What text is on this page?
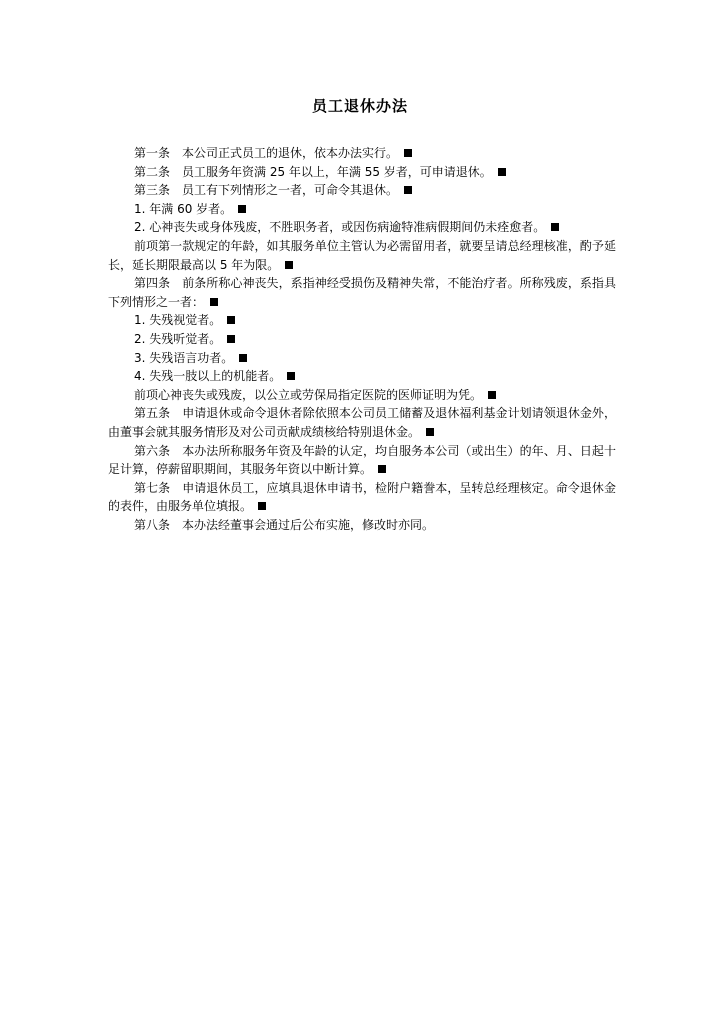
员工退休办法

第一条　本公司正式员工的退休，依本办法实行。

第二条　员工服务年资满 25 年以上，年满 55 岁者，可申请退休。

第三条　员工有下列情形之一者，可命令其退休。

1. 年满 60 岁者。

2. 心神丧失或身体残废，不胜职务者，或因伤病逾特准病假期间仍未痊愈者。

前项第一款规定的年龄，如其服务单位主管认为必需留用者，就要呈请总经理核准，酌予延长，延长期限最高以 5 年为限。

第四条　前条所称心神丧失，系指神经受损伤及精神失常，不能治疗者。所称残废，系指具下列情形之一者：

1. 失残视觉者。

2. 失残听觉者。

3. 失残语言功者。

4. 失残一肢以上的机能者。

前项心神丧失或残废，以公立或劳保局指定医院的医师证明为凭。

第五条　申请退休或命令退休者除依照本公司员工储蓄及退休福利基金计划请领退休金外，由董事会就其服务情形及对公司贡献成绩核给特别退休金。

第六条　本办法所称服务年资及年龄的认定，均自服务本公司（或出生）的年、月、日起十足计算，停薪留职期间，其服务年资以中断计算。

第七条　申请退休员工，应填具退休申请书，检附户籍誊本，呈转总经理核定。命令退休金的表件，由服务单位填报。

第八条　本办法经董事会通过后公布实施，修改时亦同。
